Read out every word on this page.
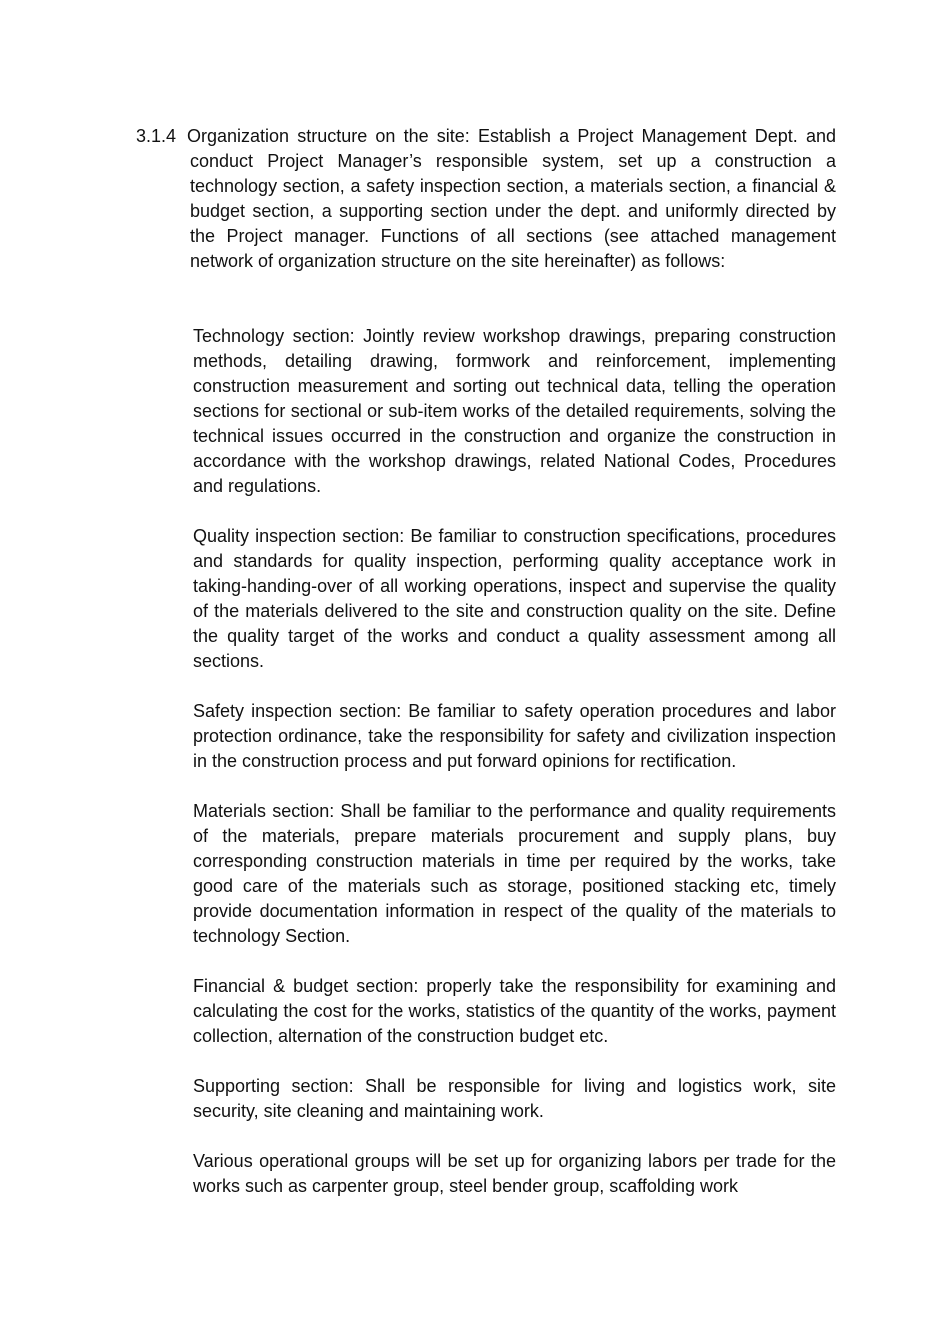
3.1.4 Organization structure on the site: Establish a Project Management Dept. and conduct Project Manager’s responsible system, set up a construction a technology section, a safety inspection section, a materials section, a financial & budget section, a supporting section under the dept. and uniformly directed by the Project manager. Functions of all sections (see attached management network of organization structure on the site hereinafter) as follows:

Technology section: Jointly review workshop drawings, preparing construction methods, detailing drawing, formwork and reinforcement, implementing construction measurement and sorting out technical data, telling the operation sections for sectional or sub-item works of the detailed requirements, solving the technical issues occurred in the construction and organize the construction in accordance with the workshop drawings, related National Codes, Procedures and regulations.

Quality inspection section: Be familiar to construction specifications, procedures and standards for quality inspection, performing quality acceptance work in taking-handing-over of all working operations, inspect and supervise the quality of the materials delivered to the site and construction quality on the site. Define the quality target of the works and conduct a quality assessment among all sections.

Safety inspection section: Be familiar to safety operation procedures and labor protection ordinance, take the responsibility for safety and civilization inspection in the construction process and put forward opinions for rectification.

Materials section: Shall be familiar to the performance and quality requirements of the materials, prepare materials procurement and supply plans, buy corresponding construction materials in time per required by the works, take good care of the materials such as storage, positioned stacking etc, timely provide documentation information in respect of the quality of the materials to technology Section.

Financial & budget section: properly take the responsibility for examining and calculating the cost for the works, statistics of the quantity of the works, payment collection, alternation of the construction budget etc.

Supporting section: Shall be responsible for living and logistics work, site security, site cleaning and maintaining work.

Various operational groups will be set up for organizing labors per trade for the works such as carpenter group, steel bender group, scaffolding work
